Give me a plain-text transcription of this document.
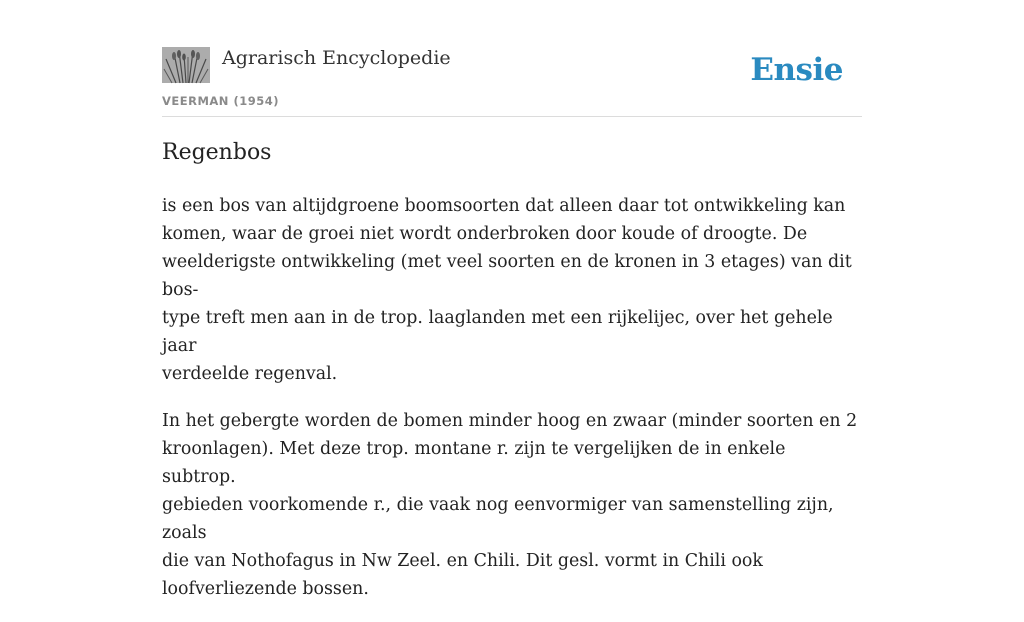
Agrarisch Encyclopedie
VEERMAN (1954)
Ensie
Regenbos

is een bos van altijdgroene boomsoorten dat alleen daar tot ontwikkeling kan
komen, waar de groei niet wordt onderbroken door koude of droogte. De
weelderigste ontwikkeling (met veel soorten en de kronen in 3 etages) van dit bos-
type treft men aan in de trop. laaglanden met een rijkelijec, over het gehele jaar
verdeelde regenval.

In het gebergte worden de bomen minder hoog en zwaar (minder soorten en 2
kroonlagen). Met deze trop. montane r. zijn te vergelijken de in enkele subtrop.
gebieden voorkomende r., die vaak nog eenvormiger van samenstelling zijn, zoals
die van Nothofagus in Nw Zeel. en Chili. Dit gesl. vormt in Chili ook
loofverliezende bossen.
